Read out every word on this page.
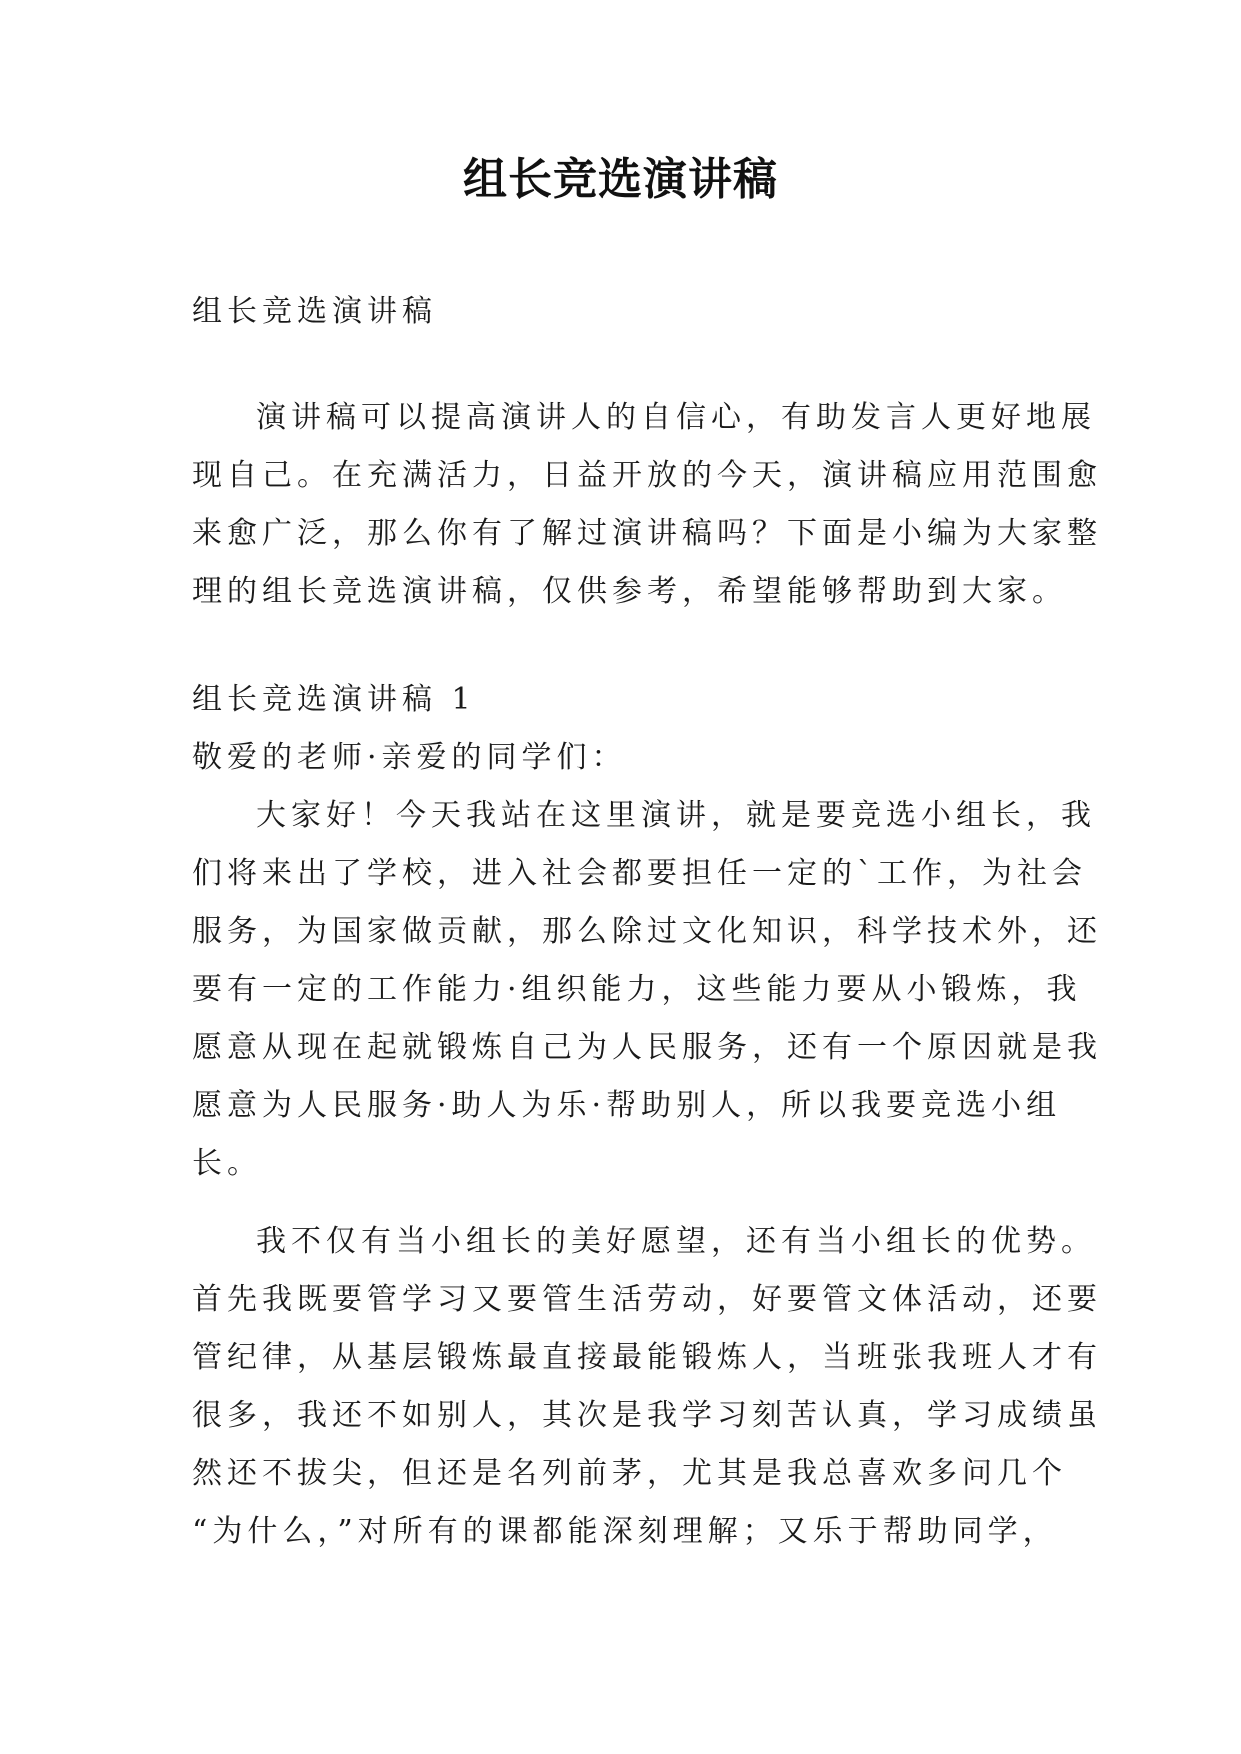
组长竞选演讲稿
组长竞选演讲稿
演讲稿可以提高演讲人的自信心，有助发言人更好地展
现自己。在充满活力，日益开放的今天，演讲稿应用范围愈
来愈广泛，那么你有了解过演讲稿吗？下面是小编为大家整
理的组长竞选演讲稿，仅供参考，希望能够帮助到大家。
组长竞选演讲稿 1
敬爱的老师·亲爱的同学们：
大家好！今天我站在这里演讲，就是要竞选小组长，我
们将来出了学校，进入社会都要担任一定的`工作，为社会
服务，为国家做贡献，那么除过文化知识，科学技术外，还
要有一定的工作能力·组织能力，这些能力要从小锻炼，我
愿意从现在起就锻炼自己为人民服务，还有一个原因就是我
愿意为人民服务·助人为乐·帮助别人，所以我要竞选小组
长。
我不仅有当小组长的美好愿望，还有当小组长的优势。
首先我既要管学习又要管生活劳动，好要管文体活动，还要
管纪律，从基层锻炼最直接最能锻炼人，当班张我班人才有
很多，我还不如别人，其次是我学习刻苦认真，学习成绩虽
然还不拔尖，但还是名列前茅，尤其是我总喜欢多问几个
“为什么，”对所有的课都能深刻理解；又乐于帮助同学，
